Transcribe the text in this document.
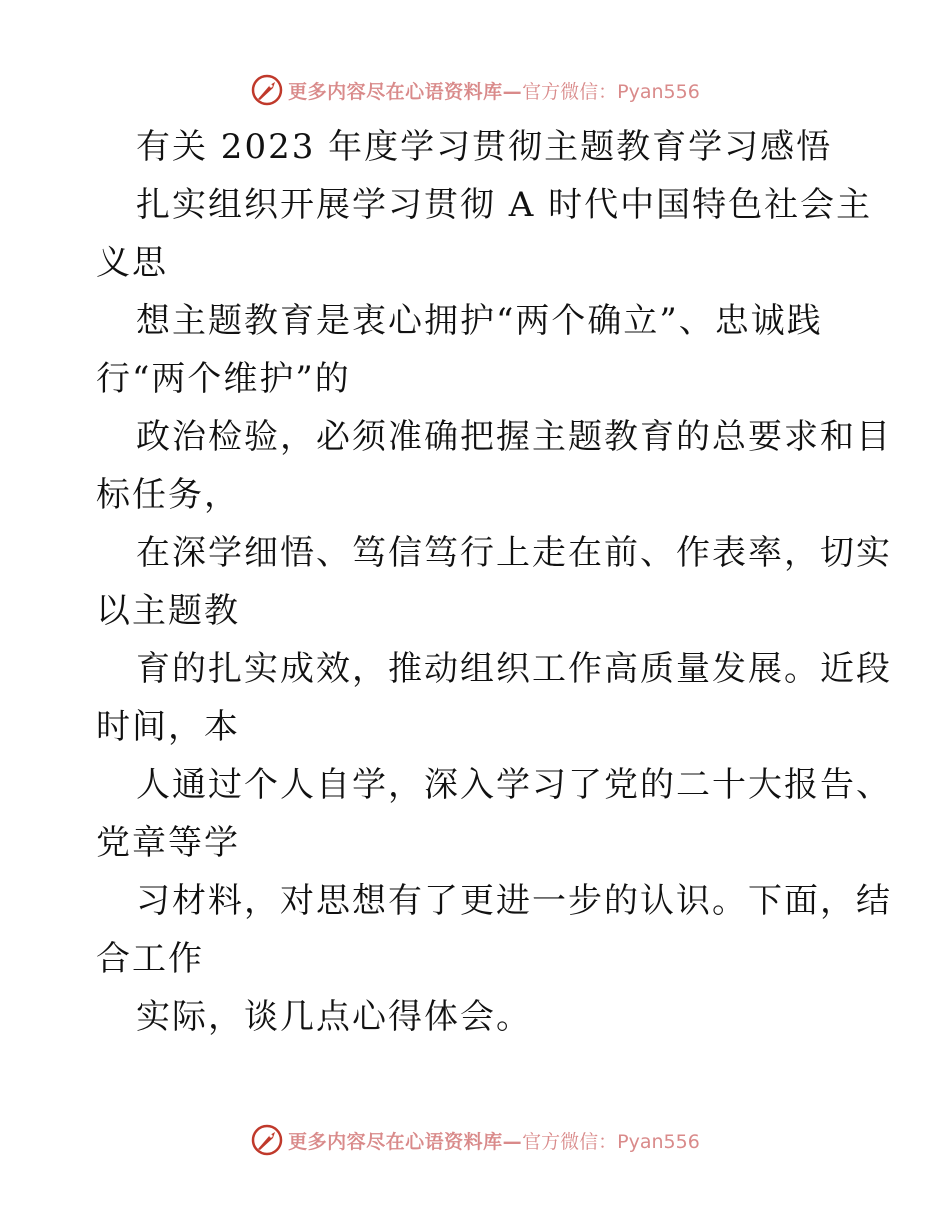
更多内容尽在心语资料库— 官方微信：Pyan556
有关 2023 年度学习贯彻主题教育学习感悟
扎实组织开展学习贯彻 A 时代中国特色社会主
义思
想主题教育是衷心拥护“两个确立”、忠诚践
行“两个维护”的
政治检验，必须准确把握主题教育的总要求和目
标任务，
在深学细悟、笃信笃行上走在前、作表率，切实
以主题教
育的扎实成效，推动组织工作高质量发展。近段
时间，本
人通过个人自学，深入学习了党的二十大报告、
党章等学
习材料，对思想有了更进一步的认识。下面，结
合工作
实际，谈几点心得体会。
更多内容尽在心语资料库— 官方微信：Pyan556
